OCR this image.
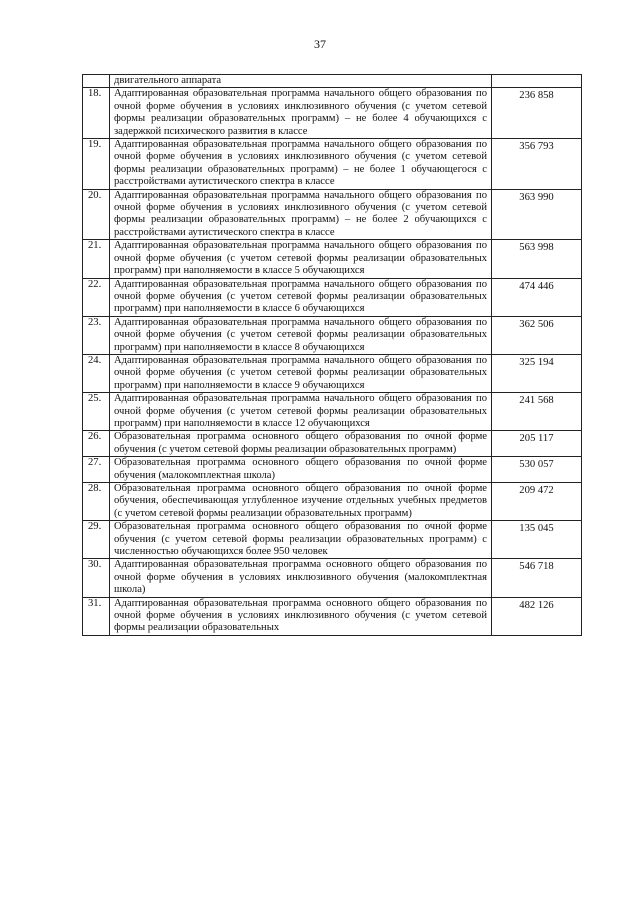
37
	двигательного аппарата	
18.	Адаптированная образовательная программа начального общего образования по очной форме обучения в условиях инклюзивного обучения (с учетом сетевой формы реализации образовательных программ) – не более 4 обучающихся с задержкой психического развития в классе	236 858
19.	Адаптированная образовательная программа начального общего образования по очной форме обучения в условиях инклюзивного обучения (с учетом сетевой формы реализации образовательных программ) – не более 1 обучающегося с расстройствами аутистического спектра в классе	356 793
20.	Адаптированная образовательная программа начального общего образования по очной форме обучения в условиях инклюзивного обучения (с учетом сетевой формы реализации образовательных программ) – не более 2 обучающихся с расстройствами аутистического спектра в классе	363 990
21.	Адаптированная образовательная программа начального общего образования по очной форме обучения (с учетом сетевой формы реализации образовательных программ) при наполняемости в классе 5 обучающихся	563 998
22.	Адаптированная образовательная программа начального общего образования по очной форме обучения (с учетом сетевой формы реализации образовательных программ) при наполняемости в классе 6 обучающихся	474 446
23.	Адаптированная образовательная программа начального общего образования по очной форме обучения (с учетом сетевой формы реализации образовательных программ) при наполняемости в классе 8 обучающихся	362 506
24.	Адаптированная образовательная программа начального общего образования по очной форме обучения (с учетом сетевой формы реализации образовательных программ) при наполняемости в классе 9 обучающихся	325 194
25.	Адаптированная образовательная программа начального общего образования по очной форме обучения (с учетом сетевой формы реализации образовательных программ) при наполняемости в классе 12 обучающихся	241 568
26.	Образовательная программа основного общего образования по очной форме обучения (с учетом сетевой формы реализации образовательных программ)	205 117
27.	Образовательная программа основного общего образования по очной форме обучения (малокомплектная школа)	530 057
28.	Образовательная программа основного общего образования по очной форме обучения, обеспечивающая углубленное изучение отдельных учебных предметов (с учетом сетевой формы реализации образовательных программ)	209 472
29.	Образовательная программа основного общего образования по очной форме обучения (с учетом сетевой формы реализации образовательных программ) с численностью обучающихся более 950 человек	135 045
30.	Адаптированная образовательная программа основного общего образования по очной форме обучения в условиях инклюзивного обучения (малокомплектная школа)	546 718
31.	Адаптированная образовательная программа основного общего образования по очной форме обучения в условиях инклюзивного обучения (с учетом сетевой формы реализации образовательных	482 126
